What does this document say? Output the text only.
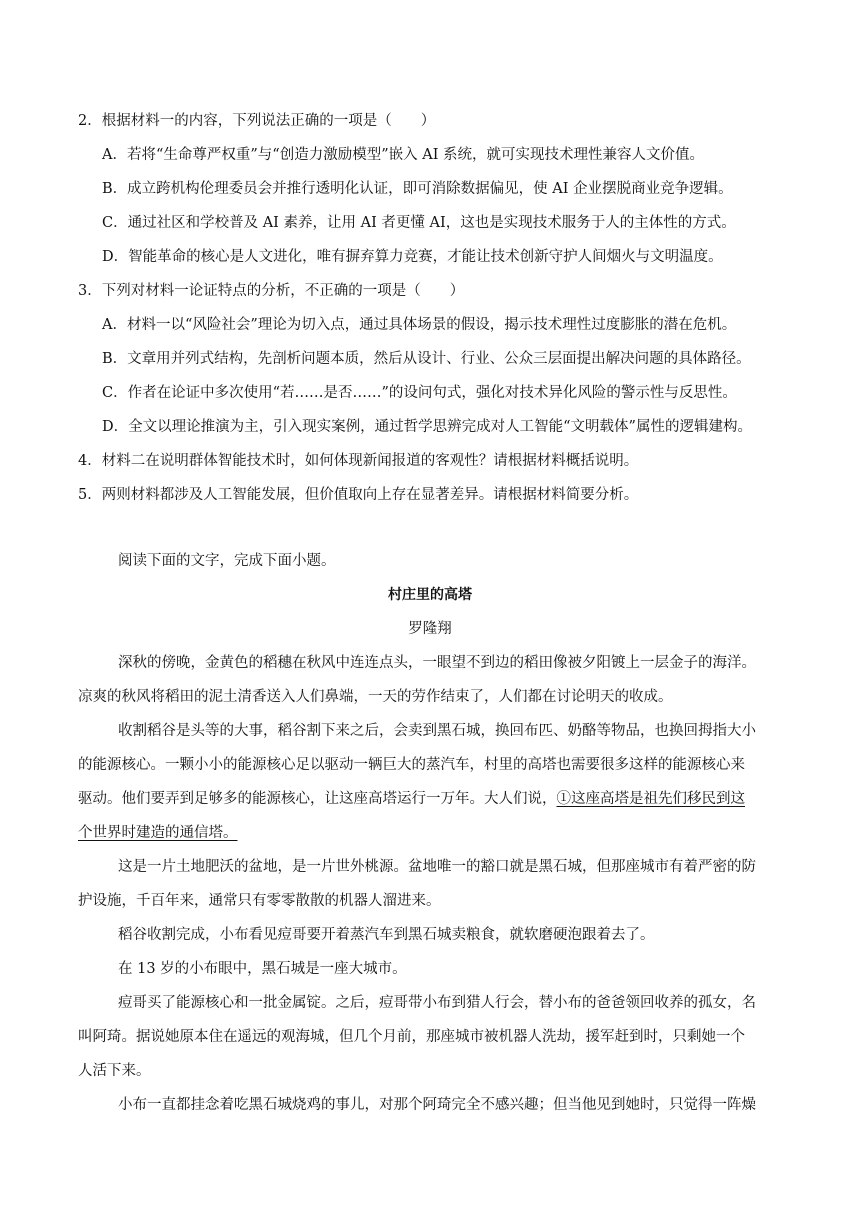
2．根据材料一的内容，下列说法正确的一项是（　　）
A．若将“生命尊严权重”与“创造力激励模型”嵌入 AI 系统，就可实现技术理性兼容人文价值。
B．成立跨机构伦理委员会并推行透明化认证，即可消除数据偏见，使 AI 企业摆脱商业竞争逻辑。
C．通过社区和学校普及 AI 素养，让用 AI 者更懂 AI，这也是实现技术服务于人的主体性的方式。
D．智能革命的核心是人文进化，唯有摒弃算力竞赛，才能让技术创新守护人间烟火与文明温度。
3．下列对材料一论证特点的分析，不正确的一项是（　　）
A．材料一以“风险社会”理论为切入点，通过具体场景的假设，揭示技术理性过度膨胀的潜在危机。
B．文章用并列式结构，先剖析问题本质，然后从设计、行业、公众三层面提出解决问题的具体路径。
C．作者在论证中多次使用“若……是否……”的设问句式，强化对技术异化风险的警示性与反思性。
D．全文以理论推演为主，引入现实案例，通过哲学思辨完成对人工智能“文明载体”属性的逻辑建构。
4．材料二在说明群体智能技术时，如何体现新闻报道的客观性？请根据材料概括说明。
5．两则材料都涉及人工智能发展，但价值取向上存在显著差异。请根据材料简要分析。
阅读下面的文字，完成下面小题。
村庄里的高塔
罗隆翔
深秋的傍晚，金黄色的稻穗在秋风中连连点头，一眼望不到边的稻田像被夕阳镀上一层金子的海洋。
凉爽的秋风将稻田的泥土清香送入人们鼻端，一天的劳作结束了，人们都在讨论明天的收成。
收割稻谷是头等的大事，稻谷割下来之后，会卖到黑石城，换回布匹、奶酪等物品，也换回拇指大小
的能源核心。一颗小小的能源核心足以驱动一辆巨大的蒸汽车，村里的高塔也需要很多这样的能源核心来
驱动。他们要弄到足够多的能源核心，让这座高塔运行一万年。大人们说，①这座高塔是祖先们移民到这
个世界时建造的通信塔。
这是一片土地肥沃的盆地，是一片世外桃源。盆地唯一的豁口就是黑石城，但那座城市有着严密的防
护设施，千百年来，通常只有零零散散的机器人溜进来。
稻谷收割完成，小布看见痘哥要开着蒸汽车到黑石城卖粮食，就软磨硬泡跟着去了。
在 13 岁的小布眼中，黑石城是一座大城市。
痘哥买了能源核心和一批金属锭。之后，痘哥带小布到猎人行会，替小布的爸爸领回收养的孤女，名
叫阿琦。据说她原本住在遥远的观海城，但几个月前，那座城市被机器人洗劫，援军赶到时，只剩她一个
人活下来。
小布一直都挂念着吃黑石城烧鸡的事儿，对那个阿琦完全不感兴趣；但当他见到她时，只觉得一阵燥
